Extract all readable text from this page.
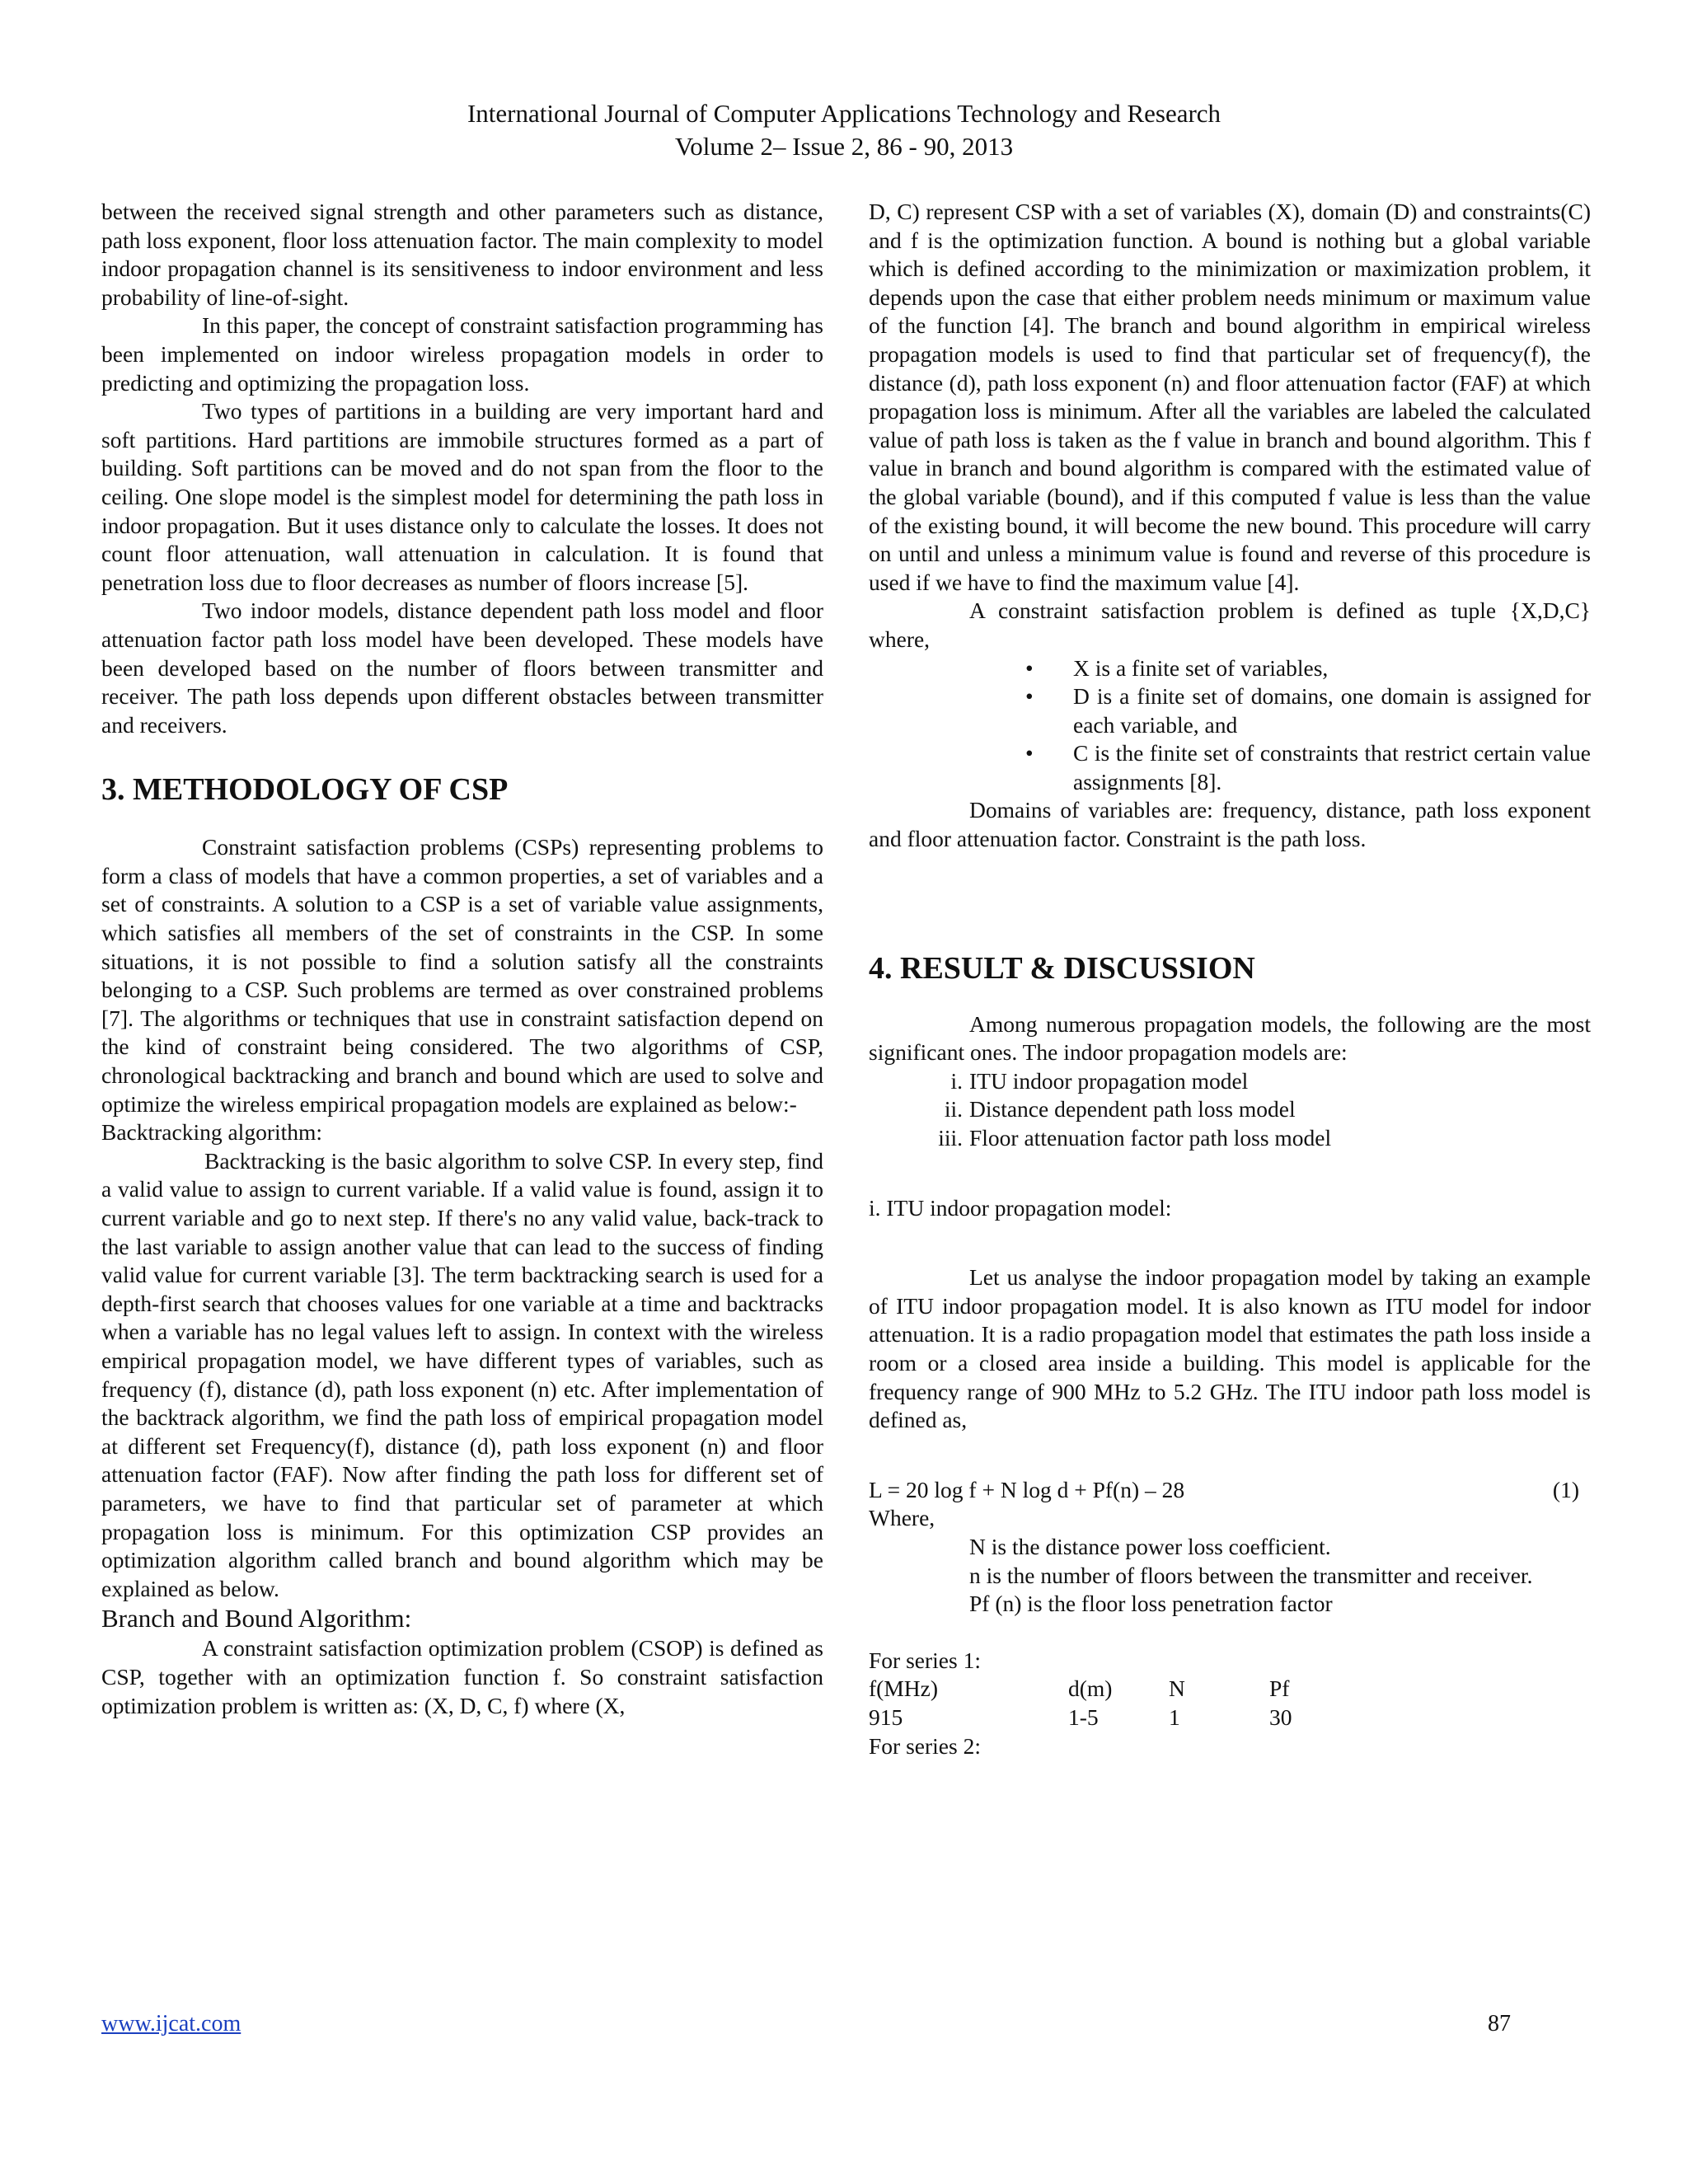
International Journal of Computer Applications Technology and Research
Volume 2– Issue 2, 86 - 90, 2013

between the received signal strength and other parameters such as distance, path loss exponent, floor loss attenuation factor. The main complexity to model indoor propagation channel is its sensitiveness to indoor environment and less probability of line-of-sight.

In this paper, the concept of constraint satisfaction programming has been implemented on indoor wireless propagation models in order to predicting and optimizing the propagation loss.

Two types of partitions in a building are very important hard and soft partitions. Hard partitions are immobile structures formed as a part of building. Soft partitions can be moved and do not span from the floor to the ceiling. One slope model is the simplest model for determining the path loss in indoor propagation. But it uses distance only to calculate the losses. It does not count floor attenuation, wall attenuation in calculation. It is found that penetration loss due to floor decreases as number of floors increase [5].

Two indoor models, distance dependent path loss model and floor attenuation factor path loss model have been developed. These models have been developed based on the number of floors between transmitter and receiver. The path loss depends upon different obstacles between transmitter and receivers.

3. METHODOLOGY OF CSP

Constraint satisfaction problems (CSPs) representing problems to form a class of models that have a common properties, a set of variables and a set of constraints. A solution to a CSP is a set of variable value assignments, which satisfies all members of the set of constraints in the CSP. In some situations, it is not possible to find a solution satisfy all the constraints belonging to a CSP. Such problems are termed as over constrained problems [7]. The algorithms or techniques that use in constraint satisfaction depend on the kind of constraint being considered. The two algorithms of CSP, chronological backtracking and branch and bound which are used to solve and optimize the wireless empirical propagation models are explained as below:-

Backtracking algorithm:

Backtracking is the basic algorithm to solve CSP. In every step, find a valid value to assign to current variable. If a valid value is found, assign it to current variable and go to next step. If there's no any valid value, back-track to the last variable to assign another value that can lead to the success of finding valid value for current variable [3]. The term backtracking search is used for a depth-first search that chooses values for one variable at a time and backtracks when a variable has no legal values left to assign. In context with the wireless empirical propagation model, we have different types of variables, such as frequency (f), distance (d), path loss exponent (n) etc. After implementation of the backtrack algorithm, we find the path loss of empirical propagation model at different set Frequency(f), distance (d), path loss exponent (n) and floor attenuation factor (FAF). Now after finding the path loss for different set of parameters, we have to find that particular set of parameter at which propagation loss is minimum. For this optimization CSP provides an optimization algorithm called branch and bound algorithm which may be explained as below.

Branch and Bound Algorithm:

A constraint satisfaction optimization problem (CSOP) is defined as CSP, together with an optimization function f. So constraint satisfaction optimization problem is written as: (X, D, C, f) where (X,

D, C) represent CSP with a set of variables (X), domain (D) and constraints(C) and f is the optimization function. A bound is nothing but a global variable which is defined according to the minimization or maximization problem, it depends upon the case that either problem needs minimum or maximum value of the function [4]. The branch and bound algorithm in empirical wireless propagation models is used to find that particular set of frequency(f), the distance (d), path loss exponent (n) and floor attenuation factor (FAF) at which propagation loss is minimum. After all the variables are labeled the calculated value of path loss is taken as the f value in branch and bound algorithm. This f value in branch and bound algorithm is compared with the estimated value of the global variable (bound), and if this computed f value is less than the value of the existing bound, it will become the new bound. This procedure will carry on until and unless a minimum value is found and reverse of this procedure is used if we have to find the maximum value [4].

A constraint satisfaction problem is defined as tuple {X,D,C} where,

• X is a finite set of variables,
• D is a finite set of domains, one domain is assigned for each variable, and
• C is the finite set of constraints that restrict certain value assignments [8].

Domains of variables are: frequency, distance, path loss exponent and floor attenuation factor. Constraint is the path loss.

4. RESULT & DISCUSSION

Among numerous propagation models, the following are the most significant ones. The indoor propagation models are:

i. ITU indoor propagation model
ii. Distance dependent path loss model
iii. Floor attenuation factor path loss model

i. ITU indoor propagation model:

Let us analyse the indoor propagation model by taking an example of ITU indoor propagation model. It is also known as ITU model for indoor attenuation. It is a radio propagation model that estimates the path loss inside a room or a closed area inside a building. This model is applicable for the frequency range of 900 MHz to 5.2 GHz. The ITU indoor path loss model is defined as,

L = 20 log f + N log d + Pf(n) – 28	(1)

Where,

N is the distance power loss coefficient.
n is the number of floors between the transmitter and receiver.
Pf (n) is the floor loss penetration factor

For series 1:

f(MHz)	d(m)	N	Pf
915	1-5	1	30

For series 2:

www.ijcat.com	87
